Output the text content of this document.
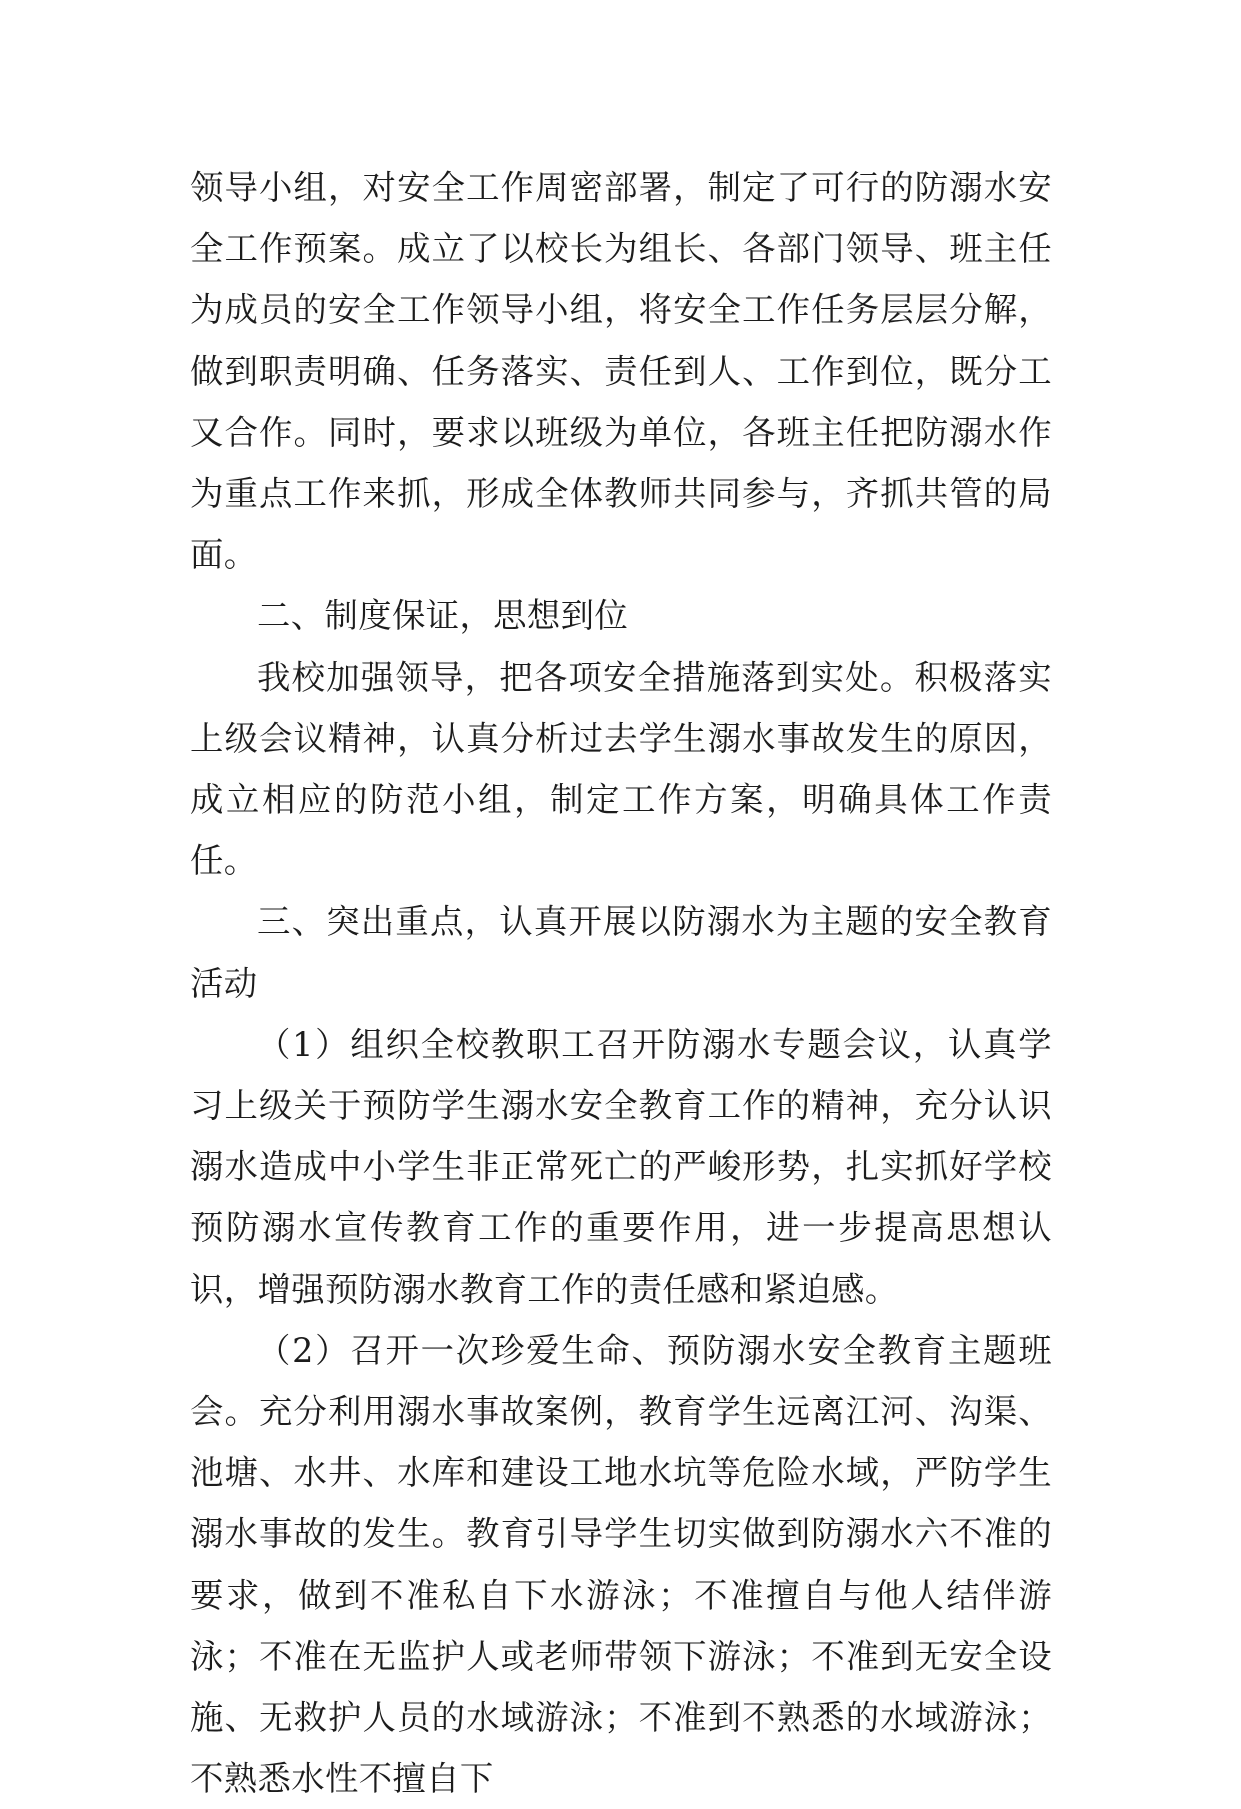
领导小组，对安全工作周密部署，制定了可行的防溺水安全工作预案。成立了以校长为组长、各部门领导、班主任为成员的安全工作领导小组，将安全工作任务层层分解，做到职责明确、任务落实、责任到人、工作到位，既分工又合作。同时，要求以班级为单位，各班主任把防溺水作为重点工作来抓，形成全体教师共同参与，齐抓共管的局面。

二、制度保证，思想到位

我校加强领导，把各项安全措施落到实处。积极落实上级会议精神，认真分析过去学生溺水事故发生的原因，成立相应的防范小组，制定工作方案，明确具体工作责任。

三、突出重点，认真开展以防溺水为主题的安全教育活动

（1）组织全校教职工召开防溺水专题会议，认真学习上级关于预防学生溺水安全教育工作的精神，充分认识溺水造成中小学生非正常死亡的严峻形势，扎实抓好学校预防溺水宣传教育工作的重要作用，进一步提高思想认识，增强预防溺水教育工作的责任感和紧迫感。

（2）召开一次珍爱生命、预防溺水安全教育主题班会。充分利用溺水事故案例，教育学生远离江河、沟渠、池塘、水井、水库和建设工地水坑等危险水域，严防学生溺水事故的发生。教育引导学生切实做到防溺水六不准的要求，做到不准私自下水游泳；不准擅自与他人结伴游泳；不准在无监护人或老师带领下游泳；不准到无安全设施、无救护人员的水域游泳；不准到不熟悉的水域游泳；不熟悉水性不擅自下
